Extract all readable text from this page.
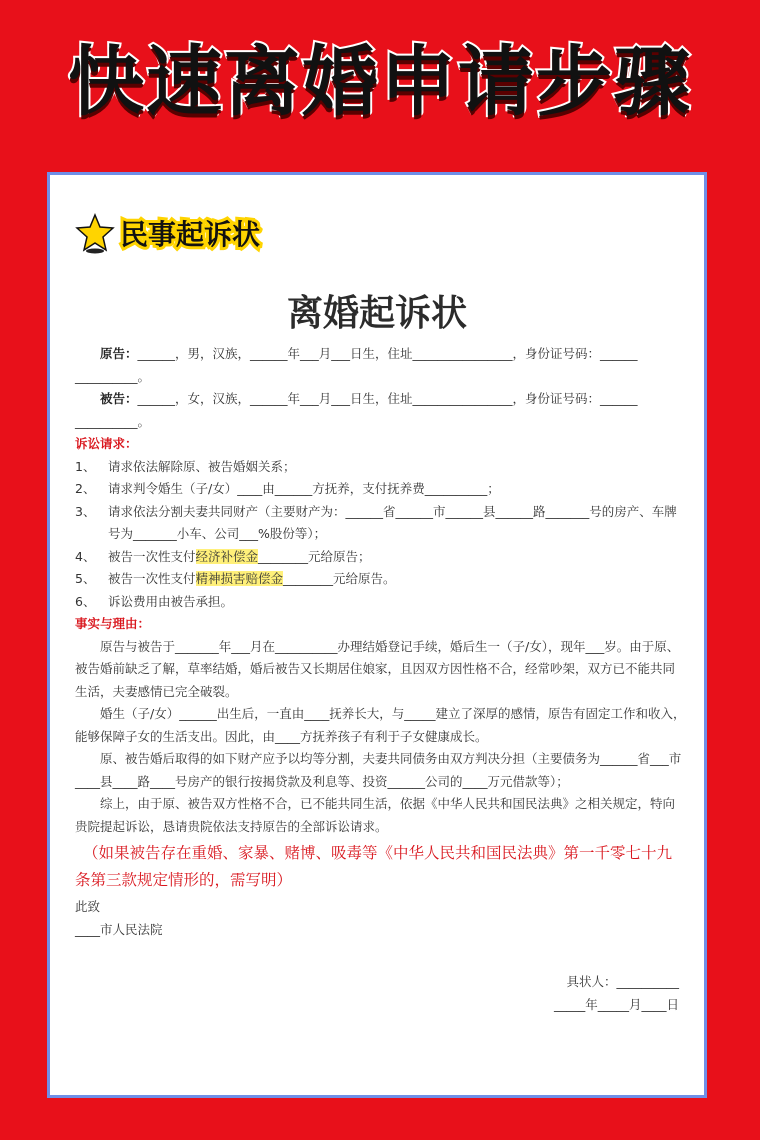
快速离婚申请步骤
民事起诉状
离婚起诉状

原告：______，男，汉族，______年___月___日生，住址________________，身份证号码：______

__________。

被告：______，女，汉族，______年___月___日生，住址________________，身份证号码：______

__________。

诉讼请求：

1、	请求依法解除原、被告婚姻关系；
2、	请求判令婚生（子/女）____由______方抚养，支付抚养费__________；
3、	请求依法分割夫妻共同财产（主要财产为：______省______市______县______路_______号的房产、车牌号为_______小车、公司___%股份等）；
4、	被告一次性支付经济补偿金________元给原告；
5、	被告一次性支付精神损害赔偿金________元给原告。
6、	诉讼费用由被告承担。

事实与理由：

原告与被告于_______年___月在__________办理结婚登记手续，婚后生一（子/女），现年___岁。由于原、被告婚前缺乏了解，草率结婚，婚后被告又长期居住娘家，且因双方因性格不合，经常吵架，双方已不能共同生活，夫妻感情已完全破裂。

婚生（子/女）______出生后，一直由____抚养长大，与_____建立了深厚的感情，原告有固定工作和收入，能够保障子女的生活支出。因此，由____方抚养孩子有利于子女健康成长。

原、被告婚后取得的如下财产应予以均等分割，夫妻共同债务由双方判决分担（主要债务为______省___市____县____路____号房产的银行按揭贷款及利息等、投资______公司的____万元借款等）；

综上，由于原、被告双方性格不合，已不能共同生活，依据《中华人民共和国民法典》之相关规定，特向贵院提起诉讼，恳请贵院依法支持原告的全部诉讼请求。

（如果被告存在重婚、家暴、赌博、吸毒等《中华人民共和国民法典》第一千零七十九条第三款规定情形的，需写明）

此致

____市人民法院

具状人：__________

_____年_____月____日
